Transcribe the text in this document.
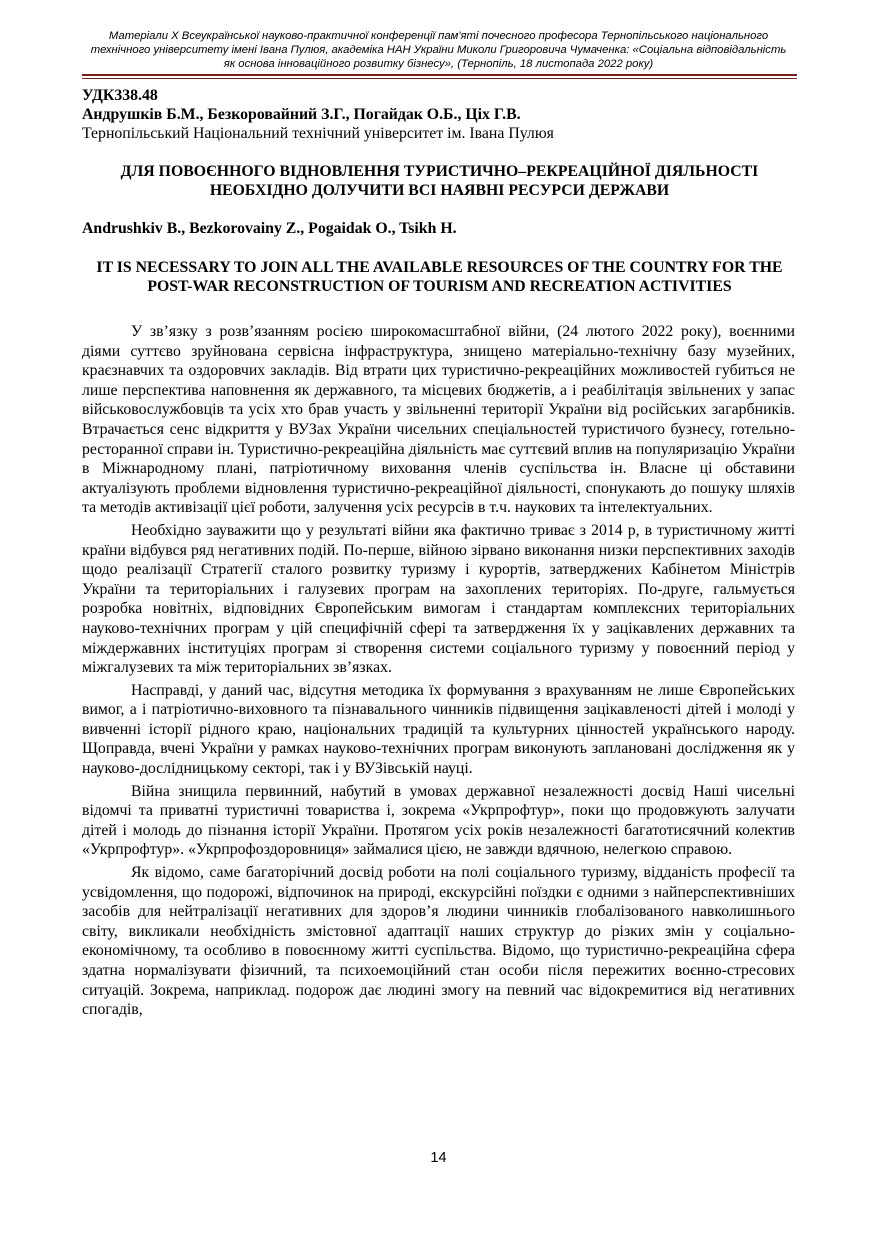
Матеріали X Всеукраїнської науково-практичної конференції пам'яті почесного професора Тернопільського національного технічного університету імені Івана Пулюя, академіка НАН України Миколи Григоровича Чумаченка: «Соціальна відповідальність як основа інноваційного розвитку бізнесу», (Тернопіль, 18 листопада 2022 року)

УДК338.48

Андрушків Б.М., Безкоровайний З.Г., Погайдак О.Б., Ціх Г.В.

Тернопільський Національний технічний університет ім. Івана Пулюя

ДЛЯ ПОВОЄННОГО ВІДНОВЛЕННЯ ТУРИСТИЧНО–РЕКРЕАЦІЙНОЇ ДІЯЛЬНОСТІ НЕОБХІДНО ДОЛУЧИТИ ВСІ НАЯВНІ РЕСУРСИ ДЕРЖАВИ

Andrushkiv B., Bezkorovainy Z., Pogaidak O., Tsikh H.

IT IS NECESSARY TO JOIN ALL THE AVAILABLE RESOURCES OF THE COUNTRY FOR THE POST-WAR RECONSTRUCTION OF TOURISM AND RECREATION ACTIVITIES

У зв’язку з розв’язанням росією широкомасштабної війни, (24 лютого 2022 року), воєнними діями суттєво зруйнована сервісна інфраструктура, знищено матеріально-технічну базу музейних, краєзнавчих та оздоровчих закладів. Від втрати цих туристично-рекреаційних можливостей губиться не лише перспектива наповнення як державного, та місцевих бюджетів, а і реабілітація звільнених у запас військовослужбовців та усіх хто брав участь у звільненні території України від російських загарбників. Втрачається сенс відкриття у ВУЗах України чисельних спеціальностей туристичого бузнесу, готельно-ресторанної справи ін. Туристично-рекреаційна діяльність має суттєвий вплив на популяризацію України в Міжнародному плані, патріотичному виховання членів суспільства ін. Власне ці обставини актуалізують проблеми відновлення туристично-рекреаційної діяльності, спонукають до пошуку шляхів та методів активізації цієї роботи, залучення усіх ресурсів в т.ч. наукових та інтелектуальних.

Необхідно зауважити що у результаті війни яка фактично триває з 2014 р, в туристичному житті країни відбувся ряд негативних подій. По-перше, війною зірвано виконання низки перспективних заходів щодо реалізації Стратегії сталого розвитку туризму і курортів, затверджених Кабінетом Міністрів України та територіальних і галузевих програм на захоплених територіях. По-друге, гальмується розробка новітніх, відповідних Європейським вимогам і стандартам комплексних територіальних науково-технічних програм у цій специфічній сфері та затвердження їх у зацікавлених державних та міждержавних інституціях програм зі створення системи соціального туризму у повоєнний період у міжгалузевих та між територіальних зв’язках.

Насправді, у даний час, відсутня методика їх формування з врахуванням не лише Європейських вимог, а і патріотично-виховного та пізнавального чинників підвищення зацікавленості дітей і молоді у вивченні історії рідного краю, національних традицій та культурних цінностей українського народу. Щоправда, вчені України у рамках науково-технічних програм виконують заплановані дослідження як у науково-дослідницькому секторі, так і у ВУЗівській науці.

Війна знищила первинний, набутий в умовах державної незалежності досвід Наші чисельні відомчі та приватні туристичні товариства і, зокрема «Укрпрофтур», поки що продовжують залучати дітей і молодь до пізнання історії України. Протягом усіх років незалежності багатотисячний колектив «Укрпрофтур». «Укрпрофоздоровниця» займалися цією, не завжди вдячною, нелегкою справою.

Як відомо, саме багаторічний досвід роботи на полі соціального туризму, відданість професії та усвідомлення, що подорожі, відпочинок на природі, екскурсійні поїздки є одними з найперспективніших засобів для нейтралізації негативних для здоров’я людини чинників глобалізованого навколишнього світу, викликали необхідність змістовної адаптації наших структур до різких змін у соціально-економічному, та особливо в повоєнному житті суспільства. Відомо, що туристично-рекреаційна сфера здатна нормалізувати фізичний, та психоемоційний стан особи після пережитих воєнно-стресових ситуацій. Зокрема, наприклад. подорож дає людині змогу на певний час відокремитися від негативних спогадів,

14
